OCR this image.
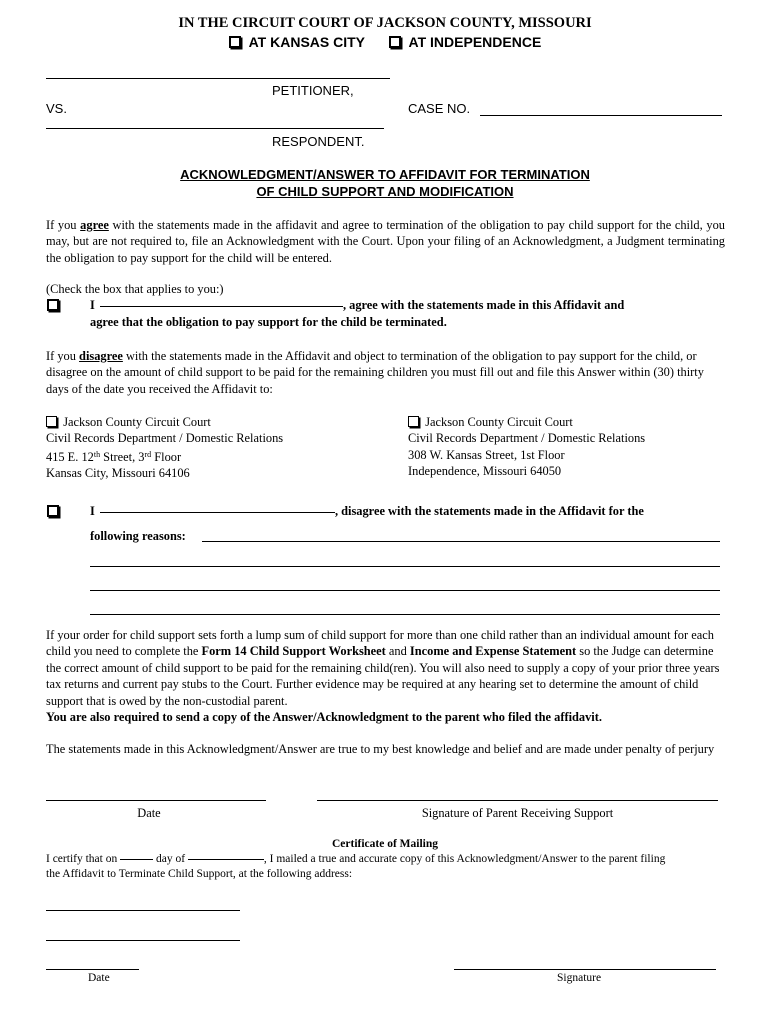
IN THE CIRCUIT COURT OF JACKSON COUNTY, MISSOURI
AT KANSAS CITY	AT INDEPENDENCE
PETITIONER,
VS.	CASE NO.
RESPONDENT.
ACKNOWLEDGMENT/ANSWER TO AFFIDAVIT FOR TERMINATION
OF CHILD SUPPORT AND MODIFICATION
If you agree with the statements made in the affidavit and agree to termination of the obligation to pay child support for the child, you may, but are not required to, file an Acknowledgment with the Court. Upon your filing of an Acknowledgment, a Judgment terminating the obligation to pay support for the child will be entered.
(Check the box that applies to you:)
I	, agree with the statements made in this Affidavit and
agree that the obligation to pay support for the child be terminated.
If you disagree with the statements made in the Affidavit and object to termination of the obligation to pay support for the child, or disagree on the amount of child support to be paid for the remaining children you must fill out and file this Answer within (30) thirty days of the date you received the Affidavit to:
Jackson County Circuit Court
Civil Records Department / Domestic Relations
415 E. 12th Street, 3rd Floor
Kansas City, Missouri 64106
Jackson County Circuit Court
Civil Records Department / Domestic Relations
308 W. Kansas Street, 1st Floor
Independence, Missouri 64050
I	, disagree with the statements made in the Affidavit for the
following reasons:
If your order for child support sets forth a lump sum of child support for more than one child rather than an individual amount for each child you need to complete the Form 14 Child Support Worksheet and Income and Expense Statement so the Judge can determine the correct amount of child support to be paid for the remaining child(ren). You will also need to supply a copy of your prior three years tax returns and current pay stubs to the Court. Further evidence may be required at any hearing set to determine the amount of child support that is owed by the non-custodial parent.
You are also required to send a copy of the Answer/Acknowledgment to the parent who filed the affidavit.
The statements made in this Acknowledgment/Answer are true to my best knowledge and belief and are made under penalty of perjury
Date	Signature of Parent Receiving Support
Certificate of Mailing
I certify that on	day of	, I mailed a true and accurate copy of this Acknowledgment/Answer to the parent filing
the Affidavit to Terminate Child Support, at the following address:
Date	Signature
